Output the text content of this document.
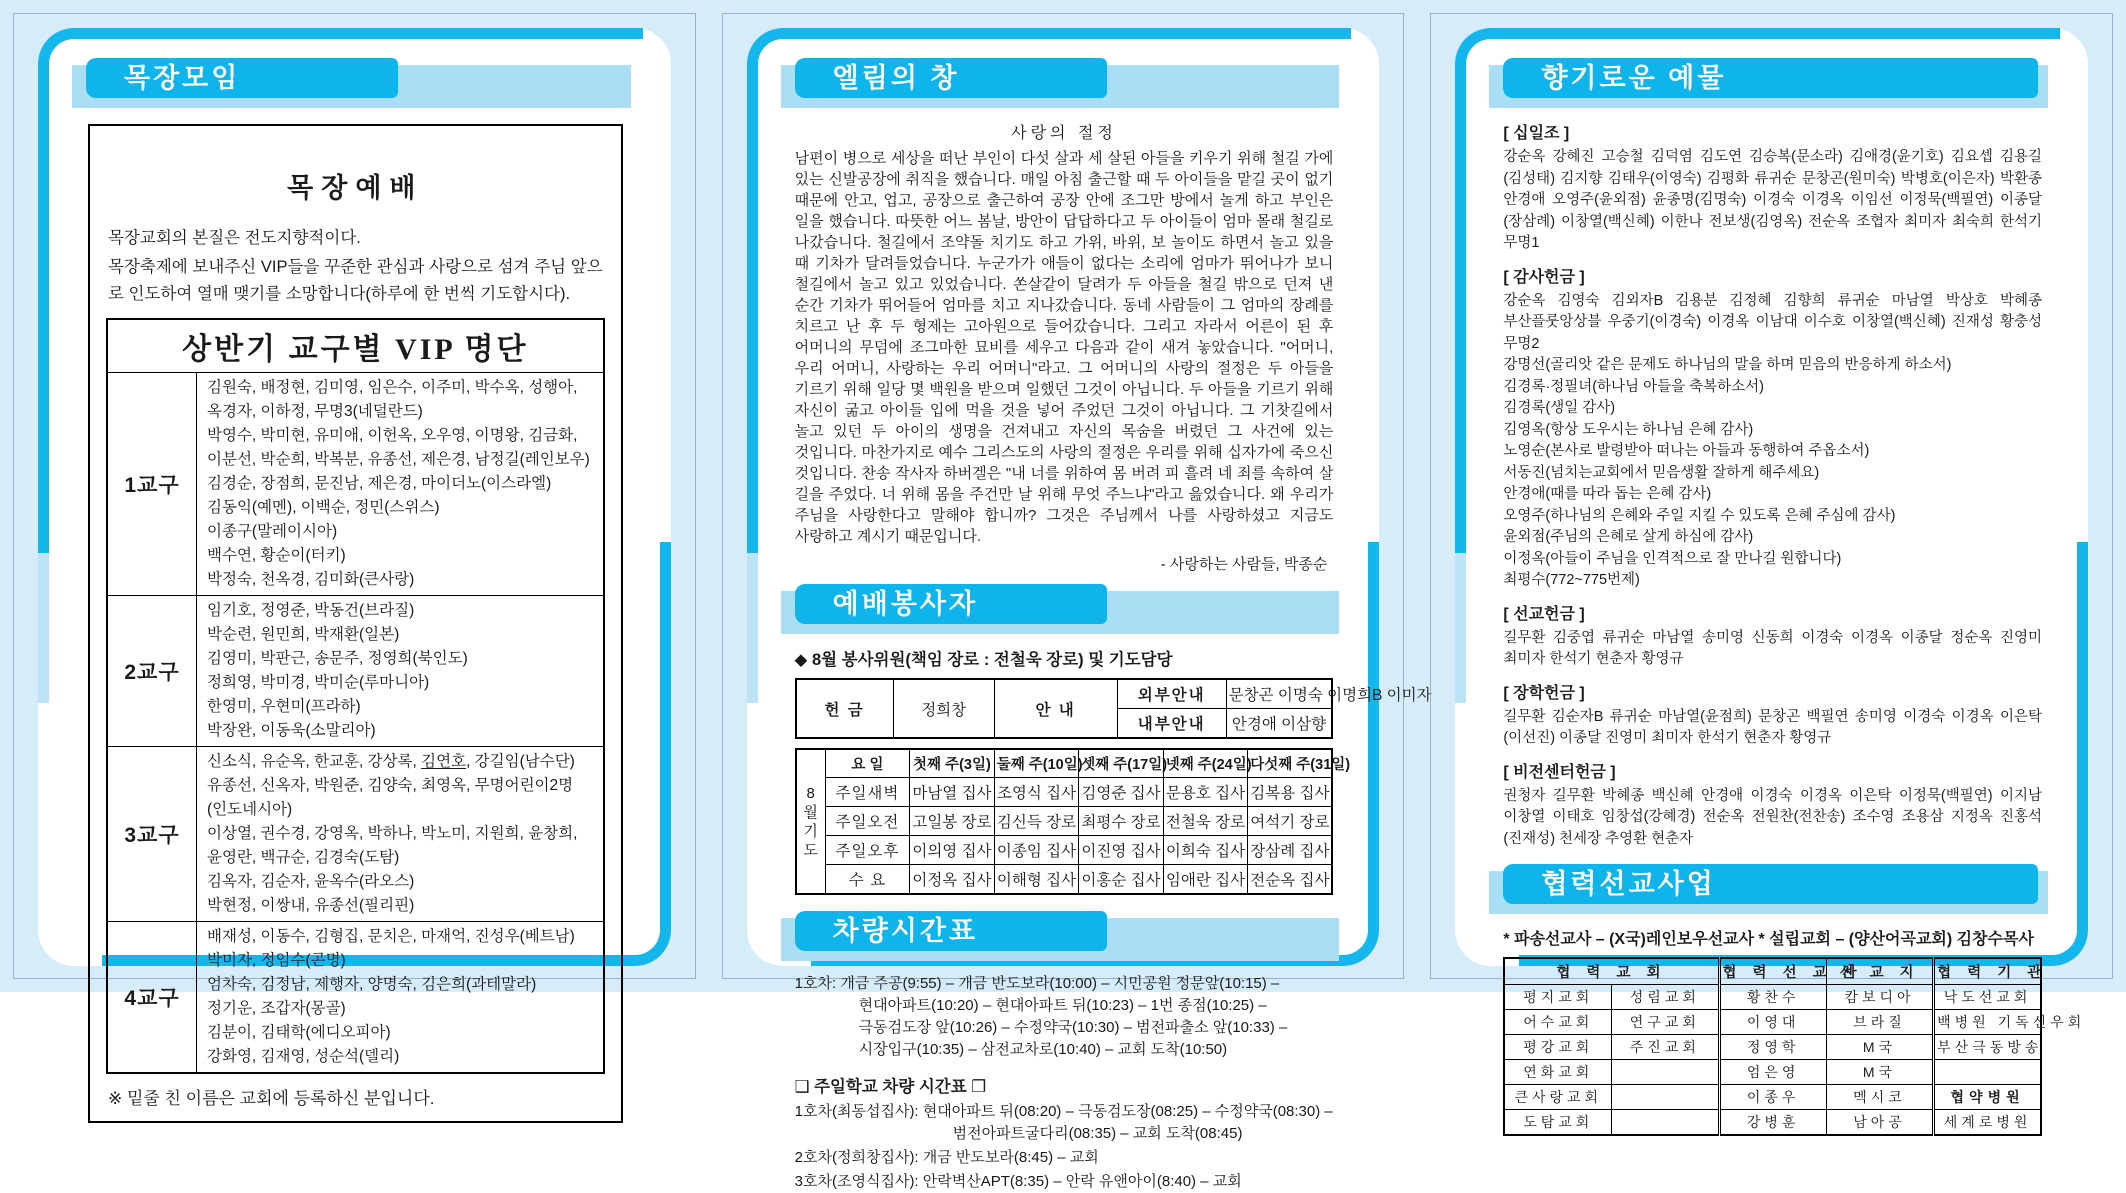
목장모임
목장예배

목장교회의 본질은 전도지향적이다.

목장축제에 보내주신 VIP들을 꾸준한 관심과 사랑으로 섬겨 주님 앞으로 인도하여 열매 맺기를 소망합니다(하루에 한 번씩 기도합시다).

상반기 교구별 VIP 명단	
1교구	
김원숙, 배정현, 김미영, 임은수, 이주미, 박수옥, 성행아, 옥경자, 이하정, 무명3(네덜란드)
박영수, 박미현, 유미애, 이헌옥, 오우영, 이명왕, 김금화, 이분선, 박순희, 박복분, 유종선, 제은경, 남정길(레인보우)
김경순, 장점희, 문진남, 제은경, 마이더노(이스라엘)
김동익(예멘), 이백순, 정민(스위스)
이종구(말레이시아)
백수연, 황순이(터키)
박정숙, 천옥경, 김미화(큰사랑)

2교구	
임기호, 정영준, 박동건(브라질)
박순련, 원민희, 박재환(일본)
김영미, 박판근, 송문주, 정영희(북인도)
정희영, 박미경, 박미순(루마니아)
한영미, 우현미(프라하)
박장완, 이동욱(소말리아)

3교구	신소식, 유순옥, 한교훈, 강상록, 김연호, 강길임(남수단)
유종선, 신옥자, 박원준, 김양숙, 최영옥, 무명어린이2명(인도네시아)
이상열, 권수경, 강영옥, 박하나, 박노미, 지원희, 윤창희, 윤영란, 백규순, 김경숙(도탐)
김옥자, 김순자, 윤옥수(라오스)
박현정, 이쌍내, 유종선(필리핀)

4교구	
배재성, 이동수, 김형집, 문치은, 마재억, 진성우(베트남)
박미자, 정임수(곤명)
엄차숙, 김정남, 제행자, 양명숙, 김은희(과테말라)
정기운, 조갑자(몽골)
김분이, 김태학(에디오피아)
강화영, 김재영, 성순석(델리)

※ 밑줄 친 이름은 교회에 등록하신 분입니다.

엘림의 창
사랑의 절정

남편이 병으로 세상을 떠난 부인이 다섯 살과 세 살된 아들을 키우기 위해 철길 가에 있는 신발공장에 취직을 했습니다. 매일 아침 출근할 때 두 아이들을 맡길 곳이 없기 때문에 안고, 업고, 공장으로 출근하여 공장 안에 조그만 방에서 놀게 하고 부인은 일을 했습니다. 따뜻한 어느 봄날, 방안이 답답하다고 두 아이들이 엄마 몰래 철길로 나갔습니다. 철길에서 조약돌 치기도 하고 가위, 바위, 보 놀이도 하면서 놀고 있을 때 기차가 달려들었습니다. 누군가가 애들이 없다는 소리에 엄마가 뛰어나가 보니 철길에서 놀고 있고 있었습니다. 쏜살같이 달려가 두 아들을 철길 밖으로 던져 낸 순간 기차가 뛰어들어 엄마를 치고 지나갔습니다. 동네 사람들이 그 엄마의 장례를 치르고 난 후 두 형제는 고아원으로 들어갔습니다. 그리고 자라서 어른이 된 후 어머니의 무덤에 조그마한 묘비를 세우고 다음과 같이 새겨 놓았습니다. "어머니, 우리 어머니, 사랑하는 우리 어머니"라고. 그 어머니의 사랑의 절정은 두 아들을 기르기 위해 일당 몇 백원을 받으며 일했던 그것이 아닙니다. 두 아들을 기르기 위해 자신이 굶고 아이들 입에 먹을 것을 넣어 주었던 그것이 아닙니다. 그 기찻길에서 놀고 있던 두 아이의 생명을 건져내고 자신의 목숨을 버렸던 그 사건에 있는 것입니다. 마찬가지로 예수 그리스도의 사랑의 절정은 우리를 위해 십자가에 죽으신 것입니다. 찬송 작사자 하버겔은 "내 너를 위하여 몸 버려 피 흘려 네 죄를 속하여 살 길을 주었다. 너 위해 몸을 주건만 날 위해 무엇 주느냐"라고 읊었습니다. 왜 우리가 주님을 사랑한다고 말해야 합니까? 그것은 주님께서 나를 사랑하셨고 지금도 사랑하고 계시기 때문입니다.

- 사랑하는 사람들, 박종순
예배봉사자
◆ 8월 봉사위원(책임 장로 : 전철욱 장로) 및 기도담당
헌 금	정희창	안 내	외부안내	문창곤 이명숙 이명희B 이미자
			내부안내	안경애 이삼향
8
월
기
도	요 일	첫째 주(3일)	둘째 주(10일)	셋째 주(17일)	넷째 주(24일)	다섯째 주(31일)
	주일새벽	마남열 집사	조영식 집사	김영준 집사	문용호 집사	김복용 집사
	주일오전	고일봉 장로	김신득 장로	최평수 장로	전철욱 장로	여석기 장로
	주일오후	이의영 집사	이종임 집사	이진영 집사	이희숙 집사	장삼례 집사
	수 요	이정옥 집사	이해형 집사	이홍순 집사	임애란 집사	전순옥 집사
차량시간표
1호차: 개금 주공(9:55) – 개금 반도보라(10:00) – 시민공원 정문앞(10:15) – 현대아파트(10:20) – 현대아파트 뒤(10:23) – 1번 종점(10:25) – 극동검도장 앞(10:26) – 수정약국(10:30) – 범전파출소 앞(10:33) – 시장입구(10:35) – 삼전교차로(10:40) – 교회 도착(10:50)
❑ 주일학교 차량 시간표 ❒
1호차(최동섭집사): 현대아파트 뒤(08:20) – 극동검도장(08:25) – 수정약국(08:30) – 범전아파트굴다리(08:35) – 교회 도착(08:45)
2호차(정희창집사): 개금 반도보라(8:45) – 교회
3호차(조영식집사): 안락벽산APT(8:35) – 안락 유앤아이(8:40) – 교회
향기로운 예물
[ 십일조 ]
강순옥 강혜진 고승철 김덕염 김도연 김승복(문소라) 김애경(윤기호) 김요셉 김용길(김성태) 김지향 김태우(이영숙) 김평화 류귀순 문창곤(원미숙) 박병호(이은자) 박환종 안경애 오영주(윤외점) 윤종명(김명숙) 이경숙 이경옥 이임선 이정묵(백필연) 이종달(장삼례) 이창열(백신혜) 이한나 전보생(김영옥) 전순옥 조협자 최미자 최숙희 한석기 무명1
[ 감사헌금 ]
강순옥 김영숙 김외자B 김용분 김정혜 김향희 류귀순 마남열 박상호 박혜종 부산플룻앙상블 우중기(이경숙) 이경옥 이남대 이수호 이창열(백신혜) 진재성 황충성 무명2
강명선(골리앗 같은 문제도 하나님의 말을 하며 믿음의 반응하게 하소서)
김경록·정필녀(하나님 아들을 축복하소서)
김경록(생일 감사)
김영옥(항상 도우시는 하나님 은혜 감사)
노영순(본사로 발령받아 떠나는 아들과 동행하여 주옵소서)
서동진(넘치는교회에서 믿음생활 잘하게 해주세요)
안경애(때를 따라 돕는 은혜 감사)
오영주(하나님의 은혜와 주일 지킬 수 있도록 은혜 주심에 감사)
윤외점(주님의 은혜로 살게 하심에 감사)
이정옥(아들이 주님을 인격적으로 잘 만나길 원합니다)
최평수(772~775번제)
[ 선교헌금 ]
길무환 김중엽 류귀순 마남열 송미영 신동희 이경숙 이경옥 이종달 정순옥 진영미 최미자 한석기 현춘자 황영규
[ 장학헌금 ]
길무환 김순자B 류귀순 마남열(윤점희) 문창곤 백필연 송미영 이경숙 이경옥 이은탁(이선진) 이종달 진영미 최미자 한석기 현춘자 황영규
[ 비전센터헌금 ]
권청자 길무환 박혜종 백신혜 안경애 이경숙 이경옥 이은탁 이정묵(백필연) 이지남 이창열 이태호 임창섭(강혜경) 전순옥 전원찬(전찬송) 조수영 조용삼 지정옥 진홍석(진재성) 천세장 추영환 현춘자
협력선교사업
* 파송선교사 – (X국)레인보우선교사 * 설립교회 – (양산어곡교회) 김창수목사
협 력 교 회		협 력 선 교 사	선 교 지	협 력 기 관
평지교회	성림교회	황찬수	캄보디아	낙도선교회
어수교회	연구교회	이영대	브라질	백병원 기독신우회
평강교회	주진교회	정영학	M국	부산극동방송
연화교회		엄은영	M국	
큰사랑교회		이종우	멕시코	협약병원
도탐교회		강병훈	남아공	세계로병원
